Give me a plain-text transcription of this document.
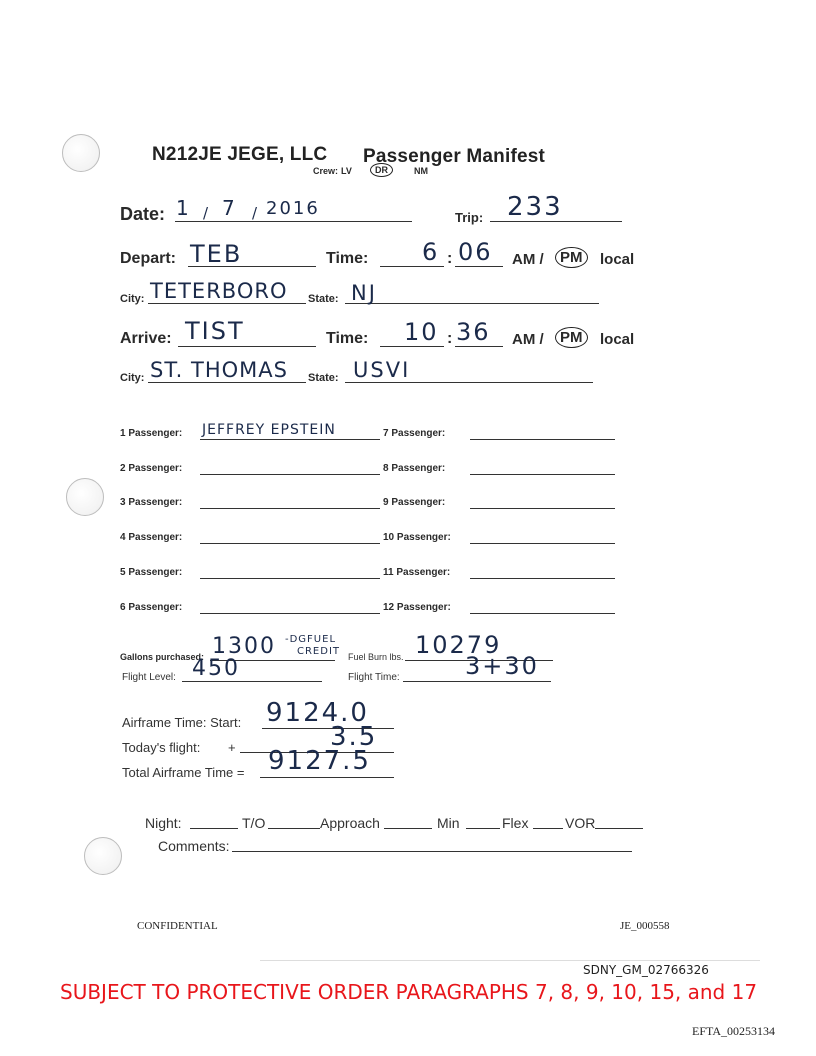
N212JE JEGE, LLC Passenger Manifest
Crew: LV	DR	NM
Date: 1 / 7 / 2016	Trip: 233
Depart: TEB	Time: 6 : 06 AM /	PM	local
City: TETERBORO State: NJ
Arrive: TIST	Time: 10 : 36 AM /	PM	local
City: ST. THOMAS State: USVI
1 Passenger: JEFFREY EPSTEIN
2 Passenger:
3 Passenger:
4 Passenger:
5 Passenger:
6 Passenger:
7 Passenger:
8 Passenger:
9 Passenger:
10 Passenger:
11 Passenger:
12 Passenger:
Gallons purchased: 1300 -DGFUEL
CREDIT Fuel Burn lbs. 10279
Flight Level: 450	Flight Time:	3+30
Airframe Time: Start: 9124.0
Today's flight: +	3.5
Total Airframe Time = 9127.5
Night:	T/O	Approach	Min	Flex	VOR
Comments:
CONFIDENTIAL	JE_000558
SDNY_GM_02766326
SUBJECT TO PROTECTIVE ORDER PARAGRAPHS 7, 8, 9, 10, 15, and 17
EFTA_00253134
